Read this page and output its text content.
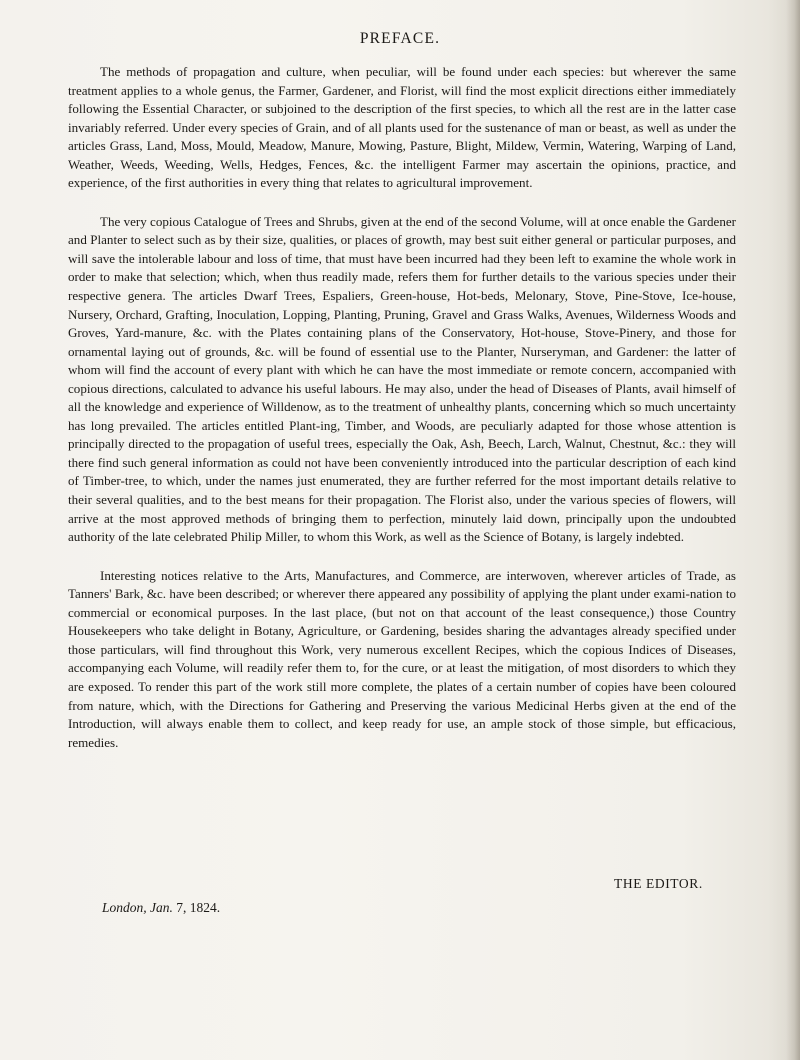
PREFACE.

The methods of propagation and culture, when peculiar, will be found under each species: but wherever the same treatment applies to a whole genus, the Farmer, Gardener, and Florist, will find the most explicit directions either immediately following the Essential Character, or subjoined to the description of the first species, to which all the rest are in the latter case invariably referred. Under every species of Grain, and of all plants used for the sustenance of man or beast, as well as under the articles Grass, Land, Moss, Mould, Meadow, Manure, Mowing, Pasture, Blight, Mildew, Vermin, Watering, Warping of Land, Weather, Weeds, Weeding, Wells, Hedges, Fences, &c. the intelligent Farmer may ascertain the opinions, practice, and experience, of the first authorities in every thing that relates to agricultural improvement.

The very copious Catalogue of Trees and Shrubs, given at the end of the second Volume, will at once enable the Gardener and Planter to select such as by their size, qualities, or places of growth, may best suit either general or particular purposes, and will save the intolerable labour and loss of time, that must have been incurred had they been left to examine the whole work in order to make that selection; which, when thus readily made, refers them for further details to the various species under their respective genera. The articles Dwarf Trees, Espaliers, Green-house, Hot-beds, Melonary, Stove, Pine-Stove, Ice-house, Nursery, Orchard, Grafting, Inoculation, Lopping, Planting, Pruning, Gravel and Grass Walks, Avenues, Wilderness Woods and Groves, Yard-manure, &c. with the Plates containing plans of the Conservatory, Hot-house, Stove-Pinery, and those for ornamental laying out of grounds, &c. will be found of essential use to the Planter, Nurseryman, and Gardener: the latter of whom will find the account of every plant with which he can have the most immediate or remote concern, accompanied with copious directions, calculated to advance his useful labours. He may also, under the head of Diseases of Plants, avail himself of all the knowledge and experience of Willdenow, as to the treatment of unhealthy plants, concerning which so much uncertainty has long prevailed. The articles entitled Plant-ing, Timber, and Woods, are peculiarly adapted for those whose attention is principally directed to the propagation of useful trees, especially the Oak, Ash, Beech, Larch, Walnut, Chestnut, &c.: they will there find such general information as could not have been conveniently introduced into the particular description of each kind of Timber-tree, to which, under the names just enumerated, they are further referred for the most important details relative to their several qualities, and to the best means for their propagation. The Florist also, under the various species of flowers, will arrive at the most approved methods of bringing them to perfection, minutely laid down, principally upon the undoubted authority of the late celebrated Philip Miller, to whom this Work, as well as the Science of Botany, is largely indebted.

Interesting notices relative to the Arts, Manufactures, and Commerce, are interwoven, wherever articles of Trade, as Tanners' Bark, &c. have been described; or wherever there appeared any possibility of applying the plant under exami-nation to commercial or economical purposes. In the last place, (but not on that account of the least consequence,) those Country Housekeepers who take delight in Botany, Agriculture, or Gardening, besides sharing the advantages already specified under those particulars, will find throughout this Work, very numerous excellent Recipes, which the copious Indices of Diseases, accompanying each Volume, will readily refer them to, for the cure, or at least the mitigation, of most disorders to which they are exposed. To render this part of the work still more complete, the plates of a certain number of copies have been coloured from nature, which, with the Directions for Gathering and Preserving the various Medicinal Herbs given at the end of the Introduction, will always enable them to collect, and keep ready for use, an ample stock of those simple, but efficacious, remedies.

THE EDITOR.
London, Jan. 7, 1824.
